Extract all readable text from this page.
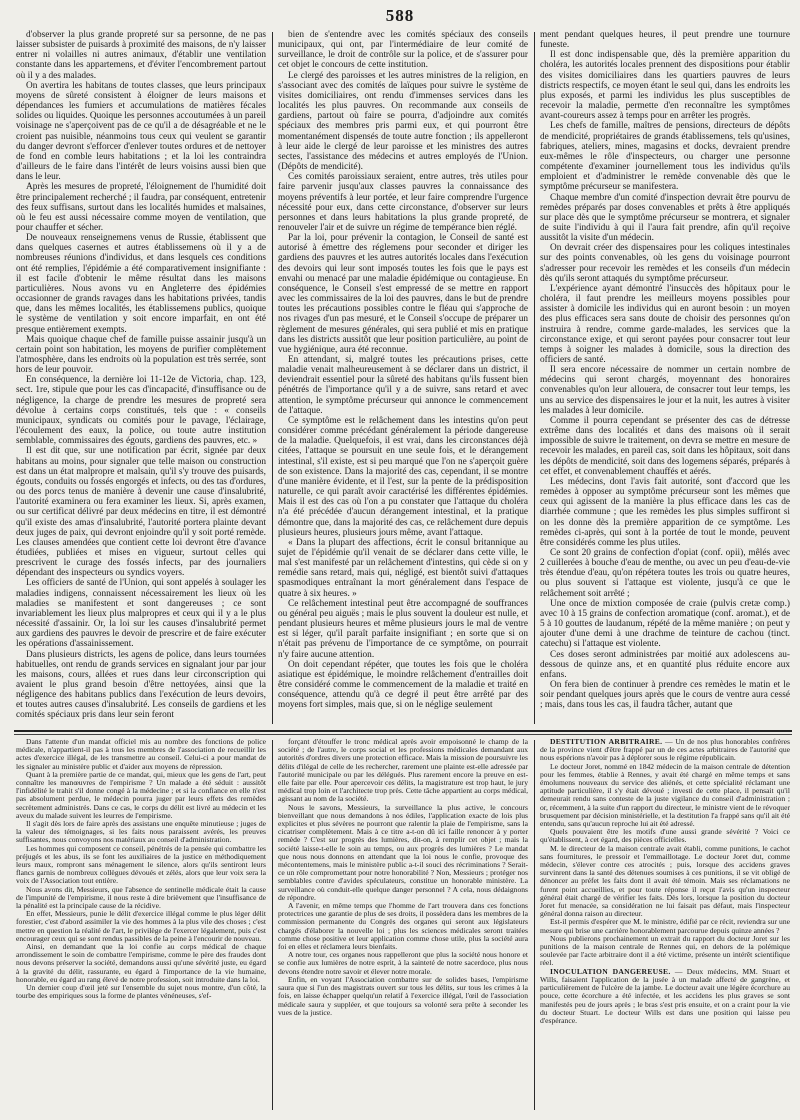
588

d'observer la plus grande propreté sur sa personne, de ne pas laisser subsister de puisards à proximité des maisons, de n'y laisser entrer ni volailles ni autres animaux, d'établir une ventilation constante dans les appartemens, et d'éviter l'encombrement partout où il y a des malades.

On avertira les habitans de toutes classes, que leurs principaux moyens de sûreté consistent à éloigner de leurs maisons et dépendances les fumiers et accumulations de matières fécales solides ou liquides. Quoique les personnes accoutumées à un pareil voisinage ne s'aperçoivent pas de ce qu'il a de désagréable et ne le croient pas nuisible, néanmoins tous ceux qui veulent se garantir du danger devront s'efforcer d'enlever toutes ordures et de nettoyer de fond en comble leurs habitations ; et la loi les contraindra d'ailleurs de le faire dans l'intérêt de leurs voisins aussi bien que dans le leur.

Après les mesures de propreté, l'éloignement de l'humidité doit être principalement recherché ; il faudra, par conséquent, entretenir des feux suffisans, surtout dans les localités humides et malsaines, où le feu est aussi nécessaire comme moyen de ventilation, que pour chauffer et sécher.

De nouveaux renseignemens venus de Russie, établissent que dans quelques casernes et autres établissemens où il y a de nombreuses réunions d'individus, et dans lesquels ces conditions ont été remplies, l'épidémie a été comparativement insignifiante : il est facile d'obtenir le même résultat dans les maisons particulières. Nous avons vu en Angleterre des épidémies occasionner de grands ravages dans les habitations privées, tandis que, dans les mêmes localités, les établissemens publics, quoique le système de ventilation y soit encore imparfait, en ont été presque entièrement exempts.

Mais quoique chaque chef de famille puisse assainir jusqu'à un certain point son habitation, les moyens de purifier complètement l'atmosphère, dans les endroits où la population est très serrée, sont hors de leur pouvoir.

En conséquence, la dernière loi 11-12e de Victoria, chap. 123, sect. 1re, stipule que pour les cas d'incapacité, d'insuffisance ou de négligence, la charge de prendre les mesures de propreté sera dévolue à certains corps constitués, tels que : « conseils municipaux, syndicats ou comités pour le pavage, l'éclairage, l'écoulement des eaux, la police, ou toute autre institution semblable, commissaires des égouts, gardiens des pauvres, etc. »

Il est dit que, sur une notification par écrit, signée par deux habitans au moins, pour signaler que telle maison ou construction est dans un état malpropre et malsain, qu'il s'y trouve des puisards, égouts, conduits ou fossés engorgés et infects, ou des tas d'ordures, ou des porcs tenus de manière à devenir une cause d'insalubrité, l'autorité examinera ou fera examiner les lieux. Si, après examen, ou sur certificat délivré par deux médecins en titre, il est démontré qu'il existe des amas d'insalubrité, l'autorité portera plainte devant deux juges de paix, qui devront enjoindre qu'il y soit porté remède. Les clauses amendées que contient cette loi devront être d'avance étudiées, publiées et mises en vigueur, surtout celles qui prescrivent le curage des fossés infects, par des journaliers dépendant des inspecteurs ou syndics voyers.

Les officiers de santé de l'Union, qui sont appelés à soulager les maladies indigens, connaissent nécessairement les lieux où les maladies se manifestent et sont dangereuses ; ce sont invariablement les lieux plus malpropres et ceux qui il y a le plus nécessité d'assainir. Or, la loi sur les causes d'insalubrité permet aux gardiens des pauvres le devoir de prescrire et de faire exécuter les opérations d'assainissement.

Dans plusieurs districts, les agens de police, dans leurs tournées habituelles, ont rendu de grands services en signalant jour par jour les maisons, cours, allées et rues dans leur circonscription qui avaient le plus grand besoin d'être nettoyées, ainsi que la négligence des habitans publics dans l'exécution de leurs devoirs, et toutes autres causes d'insalubrité. Les conseils de gardiens et les comités spéciaux pris dans leur sein feront

bien de s'entendre avec les comités spéciaux des conseils municipaux, qui ont, par l'intermédiaire de leur comité de surveillance, le droit de contrôle sur la police, et de s'assurer pour cet objet le concours de cette institution.

Le clergé des paroisses et les autres ministres de la religion, en s'associant avec des comités de laïques pour suivre le système de visites domiciliaires, ont rendu d'immenses services dans les localités les plus pauvres. On recommande aux conseils de gardiens, partout où faire se pourra, d'adjoindre aux comités spéciaux des membres pris parmi eux, et qui pourront être momentanément dispensés de toute autre fonction ; ils appelleront à leur aide le clergé de leur paroisse et les ministres des autres sectes, l'assistance des médecins et autres employés de l'Union. (Dépôts de mendicité).

Ces comités paroissiaux seraient, entre autres, très utiles pour faire parvenir jusqu'aux classes pauvres la connaissance des moyens préventifs à leur portée, et leur faire comprendre l'urgence nécessité pour eux, dans cette circonstance, d'observer sur leurs personnes et dans leurs habitations la plus grande propreté, de renouveler l'air et de suivre un régime de tempérance bien réglé.

Par la loi, pour prévenir la contagion, le Conseil de santé est autorisé à émettre des réglemens pour seconder et diriger les gardiens des pauvres et les autres autorités locales dans l'exécution des devoirs qui leur sont imposés toutes les fois que le pays est envahi ou menacé par une maladie épidémique ou contagieuse. En conséquence, le Conseil s'est empressé de se mettre en rapport avec les commissaires de la loi des pauvres, dans le but de prendre toutes les précautions possibles contre le fléau qui s'approche de nos rivages d'un pas mesuré, et le Conseil s'occupe de préparer un règlement de mesures générales, qui sera publié et mis en pratique dans les districts aussitôt que leur position particulière, au point de vue hygiénique, aura été reconnue.

En attendant, si, malgré toutes les précautions prises, cette maladie venait malheureusement à se déclarer dans un district, il deviendrait essentiel pour la sûreté des habitans qu'ils fussent bien pénétrés de l'importance qu'il y a de suivre, sans retard et avec attention, le symptôme précurseur qui annonce le commencement de l'attaque.

Ce symptôme est le relâchement dans les intestins qu'on peut considérer comme précédant généralement la période dangereuse de la maladie. Quelquefois, il est vrai, dans les circonstances déjà citées, l'attaque se poursuit en une seule fois, et le dérangement intestinal, s'il existe, est si peu marqué que l'on ne s'aperçoit guère de son existence. Dans la majorité des cas, cependant, il se montre d'une manière évidente, et il l'est, sur la pente de la prédisposition naturelle, ce qui paraît avoir caractérisé les différentes épidémies. Mais il est des cas où l'on a pu constater que l'attaque du choléra n'a été précédée d'aucun dérangement intestinal, et la pratique démontre que, dans la majorité des cas, ce relâchement dure depuis plusieurs heures, plusieurs jours même, avant l'attaque.

« Dans la plupart des affections, écrit le consul britannique au sujet de l'épidémie qu'il venait de se déclarer dans cette ville, le mal s'est manifesté par un relâchement d'intestins, qui cède si on y remédie sans retard, mais qui, négligé, est bientôt suivi d'attaques spasmodiques entraînant la mort généralement dans l'espace de quatre à six heures. »

Ce relâchement intestinal peut être accompagné de souffrances ou général peu aiguës ; mais le plus souvent la douleur est nulle, et pendant plusieurs heures et même plusieurs jours le mal de ventre est si léger, qu'il paraît parfaite insignifiant ; en sorte que si on n'était pas prévenu de l'importance de ce symptôme, on pourrait n'y faire aucune attention.

On doit cependant répéter, que toutes les fois que le choléra asiatique est épidémique, le moindre relâchement d'entrailles doit être considéré comme le commencement de la maladie et traité en conséquence, attendu qu'à ce degré il peut être arrêté par des moyens fort simples, mais que, si on le néglige seulement

ment pendant quelques heures, il peut prendre une tournure funeste.

Il est donc indispensable que, dès la première apparition du choléra, les autorités locales prennent des dispositions pour établir des visites domiciliaires dans les quartiers pauvres de leurs districts respectifs, ce moyen étant le seul qui, dans les endroits les plus exposés, et parmi les individus les plus susceptibles de recevoir la maladie, permette d'en reconnaître les symptômes avant-coureurs assez à temps pour en arrêter les progrès.

Les chefs de famille, maîtres de pensions, directeurs de dépôts de mendicité, propriétaires de grands établissemens, tels qu'usines, fabriques, ateliers, mines, magasins et docks, devraient prendre eux-mêmes le rôle d'inspecteurs, ou charger une personne compétente d'examiner journellement tous les individus qu'ils emploient et d'administrer le remède convenable dès que le symptôme précurseur se manifestera.

Chaque membre d'un comité d'inspection devrait être pourvu de remèdes préparés par doses convenables et prêts à être appliqués sur place dès que le symptôme précurseur se montrera, et signaler de suite l'individu à qui il l'aura fait prendre, afin qu'il reçoive aussitôt la visite d'un médecin.

On devrait créer des dispensaires pour les coliques intestinales sur des points convenables, où les gens du voisinage pourront s'adresser pour recevoir les remèdes et les conseils d'un médecin dès qu'ils seront attaqués du symptôme précurseur.

L'expérience ayant démontré l'insuccès des hôpitaux pour le choléra, il faut prendre les meilleurs moyens possibles pour assister à domicile les individus qui en auront besoin : un moyen des plus efficaces sera sans doute de choisir des personnes qu'on instruira à rendre, comme garde-malades, les services que la circonstance exige, et qui seront payées pour consacrer tout leur temps à soigner les malades à domicile, sous la direction des officiers de santé.

Il sera encore nécessaire de nommer un certain nombre de médecins qui seront chargés, moyennant des honoraires convenables qu'on leur allouera, de consacrer tout leur temps, les uns au service des dispensaires le jour et la nuit, les autres à visiter les malades à leur domicile.

Comme il pourra cependant se présenter des cas de détresse extrême dans des localités et dans des maisons où il serait impossible de suivre le traitement, on devra se mettre en mesure de recevoir les malades, en pareil cas, soit dans les hôpitaux, soit dans les dépôts de mendicité, soit dans des logemens séparés, préparés à cet effet, et convenablement chauffés et aérés.

Les médecins, dont l'avis fait autorité, sont d'accord que les remèdes à opposer au symptôme précurseur sont les mêmes que ceux qui agissent de la manière la plus efficace dans les cas de diarrhée commune ; que les remèdes les plus simples suffiront si on les donne dès la première apparition de ce symptôme. Les remèdes ci-après, qui sont à la portée de tout le monde, peuvent être considérés comme les plus utiles.

Ce sont 20 grains de confection d'opiat (conf. opii), mêlés avec 2 cuillerées à bouche d'eau de menthe, ou avec un peu d'eau-de-vie très étendue d'eau, qu'on répétera toutes les trois ou quatre heures, ou plus souvent si l'attaque est violente, jusqu'à ce que le relâchement soit arrêté ;

Une once de mixtion composée de craie (pulvis cretæ comp.) avec 10 à 15 grains de confection aromatique (conf. aromat.), et de 5 à 10 gouttes de laudanum, répété de la même manière ; on peut y ajouter d'une demi à une drachme de teinture de cachou (tinct. catechu) si l'attaque est violente.

Ces doses seront administrées par moitié aux adolescens au-dessous de quinze ans, et en quantité plus réduite encore aux enfans.

On fera bien de continuer à prendre ces remèdes le matin et le soir pendant quelques jours après que le cours de ventre aura cessé ; mais, dans tous les cas, il faudra tâcher, autant que

Dans l'attente d'un mandat officiel mis au nombre des fonctions de police médicale, n'appartient-il pas à tous les membres de l'association de recueillir les actes d'exercice illégal, de les transmettre au conseil. Celui-ci a pour mandat de les signaler au ministère public et d'aider aux moyens de répression.

Quant à la première partie de ce mandat, qui, mieux que les gens de l'art, peut connaître les manœuvres de l'empirisme ? Un malade a été séduit : aussitôt l'infidélité le trahit s'il donne congé à la médecine ; et si la confiance en elle n'est pas absolument perdue, le médecin pourra juger par leurs effets des remèdes secrètement administrés. Dans ce cas, le corps du délit est livré au médecin et les aveux du malade suivent les leurres de l'empirisme.

Il s'agit dès lors de faire après des assistans une enquête minutieuse ; juges de la valeur des témoignages, si les faits nous paraissent avérés, les preuves suffisantes, nous convoyons nos matériaux au conseil d'administration.

Les hommes qui composent ce conseil, pénétrés de la pensée qui combattre les préjugés et les abus, ils se font les auxiliaires de la justice en méthodiquement leurs maux, rompront sans ménagement le silence, alors qu'ils sentiront leurs flancs garnis de nombreux collègues dévoués et zélés, alors que leur voix sera la voix de l'Association tout entière.

Nous avons dit, Messieurs, que l'absence de sentinelle médicale était la cause de l'impunité de l'empirisme, il nous reste à dire brièvement que l'insuffisance de la pénalité est la principale cause de la récidive.

En effet, Messieurs, punie le délit d'exercice illégal comme le plus léger délit forestier, c'est d'abord assimiler la vie des hommes à la plus vile des choses ; c'est mettre en question la réalité de l'art, le privilège de l'exercer légalement, puis c'est encourager ceux qui se sont rendus passibles de la peine à l'encourir de nouveau.

Ainsi, en demandant que la loi confie au corps médical de chaque arrondissement le soin de combattre l'empirisme, comme le père des fraudes dont nous devons préserver la société, demandons aussi qu'une sévérité juste, eu égard à la gravité du délit, rassurante, eu égard à l'importance de la vie humaine, honorable, eu égard au rang élevé de notre profession, soit introduite dans la loi.

Un dernier coup d'œil jeté sur l'ensemble du sujet nous montre, d'un côté, la tourbe des empiriques sous la forme de plantes vénéneuses, s'ef-

forçant d'étouffer le tronc médical après avoir empoisonné le champ de la société ; de l'autre, le corps social et les professions médicales demandant aux autorités d'ordres divers une protection efficace. Mais la mission de poursuivre les délits d'ilégal de celle de les rechercher, rarement une plainte est-elle adressée par l'autorité municipale ou par les délégués. Plus rarement encore la preuve en est-elle faite par elle. Pour apercevoir ces délits, la magistrature est trop haut, le jury médical trop loin et l'architecte trop près. Cette tâche appartient au corps médical, agissant au nom de la société.

Nous le savons, Messieurs, la surveillance la plus active, le concours bienveillant que nous demandons à nos édiles, l'application exacte de lois plus explicites et plus sévères ne pourront que ralentir la plaie de l'empirisme, sans la cicatriser complètement. Mais à ce titre a-t-on dû ici faille renoncer à y porter remède ? C'est sur progrès des lumières, dit-on, à remplir cet objet ; mais la société laisse-t-elle le soin au temps, ou aux progrès des lumières ? Le mandat que nous nous donnons en attendant que la loi nous le confie, provoque des mécontentemens, mais le ministère public a-t-il souci des récriminations ? Serait-ce un rôle compromettant pour notre honorabilité ? Non, Messieurs ; protéger nos semblables contre d'avides spéculateurs, constitue un honorable ministère. La surveillance où conduit-elle quelque danger personnel ? A cela, nous dédaignons de répondre.

A l'avenir, en même temps que l'homme de l'art trouvera dans ces fonctions protectrices une garantie de plus de ses droits, il possèdera dans les membres de la commission permanente du Congrès des organes qui seront aux législateurs chargés d'élaborer la nouvelle loi ; plus les sciences médicales seront traitées comme chose positive et leur application comme chose utile, plus la société aura foi en elles et réclamera leurs bienfaits.

A notre tour, ces organes nous rappelleront que plus la société nous honore et se confie aux lumières de notre esprit, à la sainteté de notre sacerdoce, plus nous devons étendre notre savoir et élever notre morale.

Enfin, en voyant l'Association combattre sur de solides bases, l'empirisme saura que si l'un des magistrats ouvert sur tous les délits, sur tous les crimes à la fois, en laisse échapper quelqu'un relatif à l'exercice illégal, l'œil de l'association médicale saura y suppléer, et que toujours sa volonté sera prête à seconder les vues de la justice.

DESTITUTION ARBITRAIRE. — Un de nos plus honorables confrères de la province vient d'être frappé par un de ces actes arbitraires de l'autorité que nous espérions n'avoir pas à déplorer sous le régime républicain.

Le docteur Joret, nommé en 1842 médecin de la maison centrale de détention pour les femmes, établie à Rennes, y avait été chargé en même temps et sans émolumens nouveaux du service des aliénés, et cette spécialité réclamant une aptitude particulière, il s'y était dévoué ; investi de cette place, il pensait qu'il demeurait rendu sans conteste de la juste vigilance du conseil d'administration ; or, récemment, à la suite d'un rapport du directeur, le ministre vient de le révoquer brusquement par décision ministérielle, et la destitution l'a frappé sans qu'il ait été entendu, sans qu'aucun reproche lui ait été adressé.

Quels pouvaient être les motifs d'une aussi grande sévérité ? Voici ce qu'établissent, à cet égard, des pièces officielles.

M. le directeur de la maison centrale avait établi, comme punitions, le cachot sans fournitures, le pressoir et l'emmaillotage. Le docteur Joret dut, comme médecin, s'élever contre ces atrocités ; puis, lorsque des accidens graves survinrent dans la santé des détenues soumises à ces punitions, il se vit obligé de dénoncer au préfet les faits dont il avait été témoin. Mais ses réclamations ne furent point accueillies, et pour toute réponse il reçut l'avis qu'un inspecteur général était chargé de vérifier les faits. Dès lors, lorsque la position du docteur Joret fut menacée, sa considération ne lui faisait pas défaut, mais l'inspecteur général donna raison au directeur.

Est-il permis d'espérer que M. le ministre, édifié par ce récit, reviendra sur une mesure qui brise une carrière honorablement parcourue depuis quinze années ?

Nous publierons prochainement un extrait du rapport du docteur Joret sur les punitions de la maison centrale de Rennes qui, en dehors de la polémique soulevée par l'acte arbitraire dont il a été victime, présente un intérêt scientifique réel.

INOCULATION DANGEREUSE. — Deux médecins, MM. Stuart et Wills, faisaient l'application de la jusée à un malade affecté de gangrène, et particulièrement de l'ulcère de la jambe. Le docteur avait une légère écorchure au pouce, cette écorchure a été infectée, et les accidens les plus graves se sont manifestés peu de jours après ; le bras s'est pris ensuite, et on a craint pour la vie du docteur Stuart. Le docteur Wills est dans une position qui laisse peu d'espérance.
